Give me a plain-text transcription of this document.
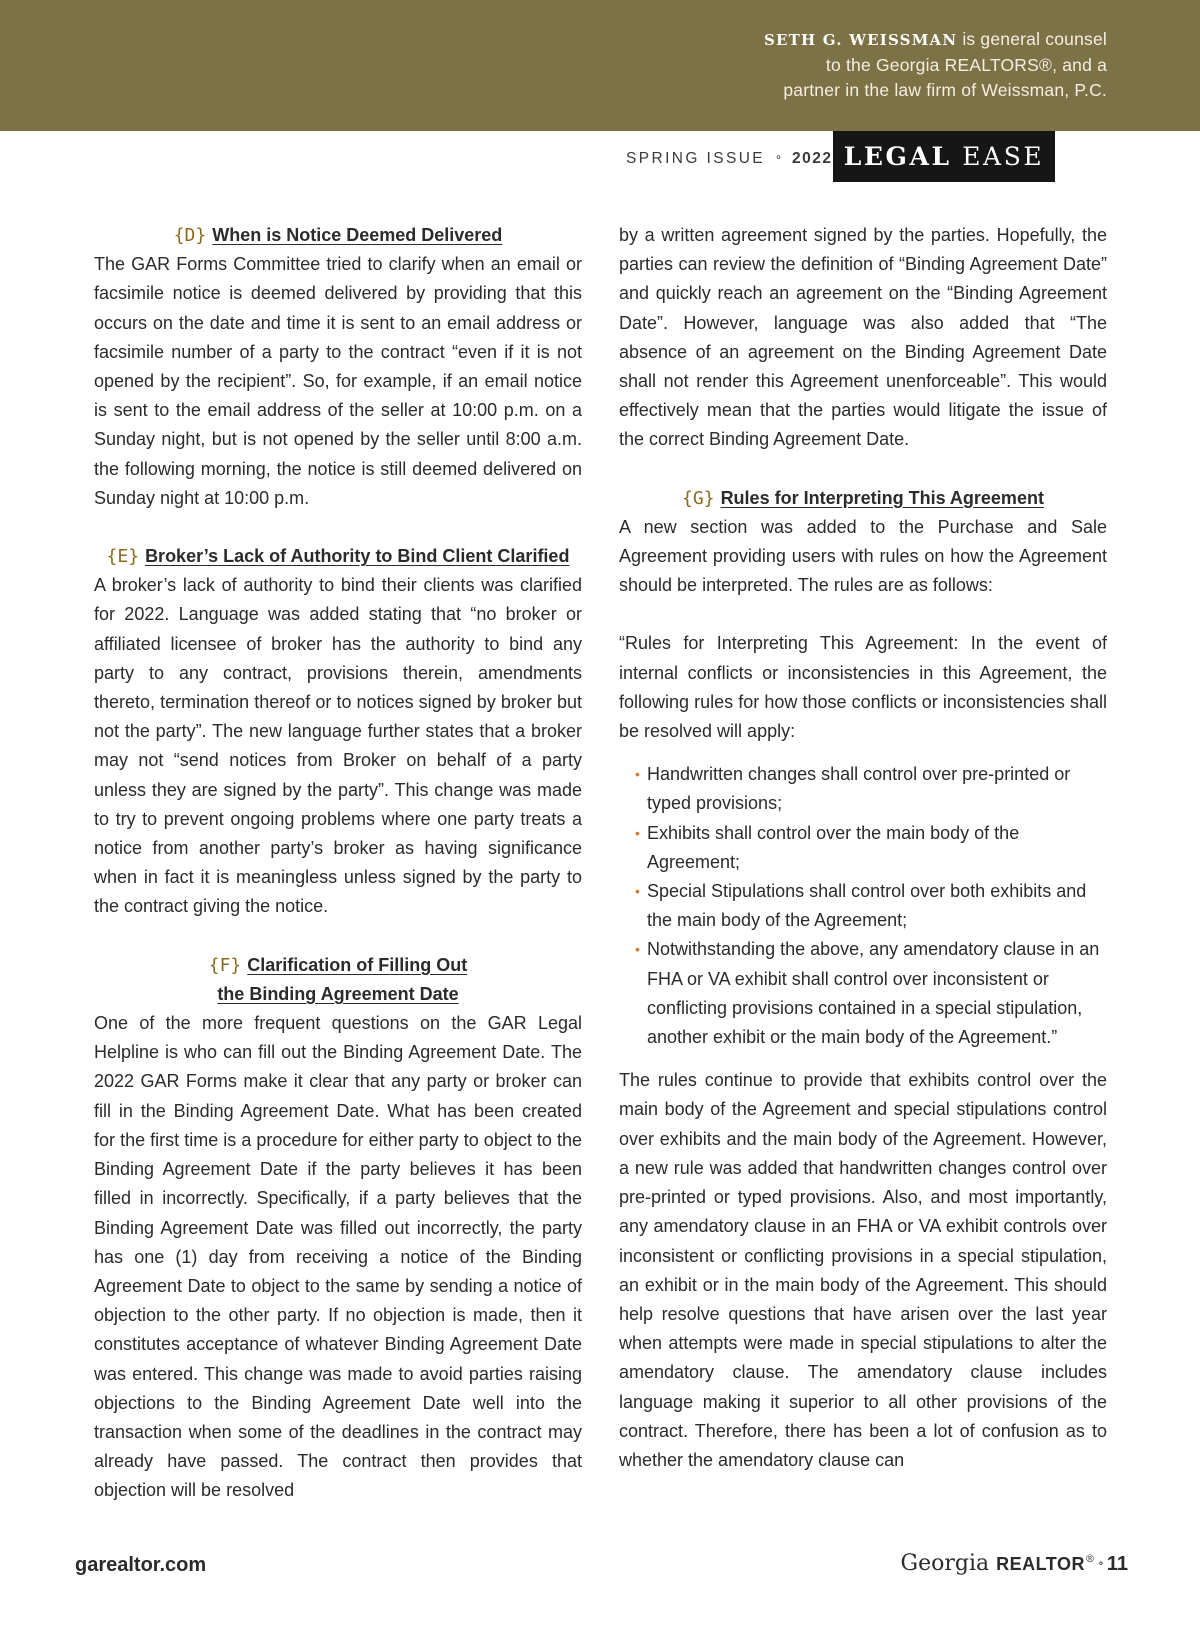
SETH G. WEISSMAN is general counsel
to the Georgia REALTORS®, and a
partner in the law firm of Weissman, P.C.
SPRING ISSUE ∘ 2022 LEGAL EASE
{D} When is Notice Deemed Delivered

The GAR Forms Committee tried to clarify when an email or facsimile notice is deemed delivered by providing that this occurs on the date and time it is sent to an email address or facsimile number of a party to the contract “even if it is not opened by the recipient”. So, for example, if an email notice is sent to the email address of the seller at 10:00 p.m. on a Sunday night, but is not opened by the seller until 8:00 a.m. the following morning, the notice is still deemed delivered on Sunday night at 10:00 p.m.

{E} Broker’s Lack of Authority to Bind Client Clarified

A broker’s lack of authority to bind their clients was clarified for 2022. Language was added stating that “no broker or affiliated licensee of broker has the authority to bind any party to any contract, provisions therein, amendments thereto, termination thereof or to notices signed by broker but not the party”. The new language further states that a broker may not “send notices from Broker on behalf of a party unless they are signed by the party”. This change was made to try to prevent ongoing problems where one party treats a notice from another party’s broker as having significance when in fact it is meaningless unless signed by the party to the contract giving the notice.

{F} Clarification of Filling Out
the Binding Agreement Date

One of the more frequent questions on the GAR Legal Helpline is who can fill out the Binding Agreement Date. The 2022 GAR Forms make it clear that any party or broker can fill in the Binding Agreement Date. What has been created for the first time is a procedure for either party to object to the Binding Agreement Date if the party believes it has been filled in incorrectly. Specifically, if a party believes that the Binding Agreement Date was filled out incorrectly, the party has one (1) day from receiving a notice of the Binding Agreement Date to object to the same by sending a notice of objection to the other party. If no objection is made, then it constitutes acceptance of whatever Binding Agreement Date was entered. This change was made to avoid parties raising objections to the Binding Agreement Date well into the transaction when some of the deadlines in the contract may already have passed. The contract then provides that objection will be resolved

by a written agreement signed by the parties. Hopefully, the parties can review the definition of “Binding Agreement Date” and quickly reach an agreement on the “Binding Agreement Date”. However, language was also added that “The absence of an agreement on the Binding Agreement Date shall not render this Agreement unenforceable”. This would effectively mean that the parties would litigate the issue of the correct Binding Agreement Date.

{G} Rules for Interpreting This Agreement

A new section was added to the Purchase and Sale Agreement providing users with rules on how the Agreement should be interpreted. The rules are as follows:

“Rules for Interpreting This Agreement: In the event of internal conflicts or inconsistencies in this Agreement, the following rules for how those conflicts or inconsistencies shall be resolved will apply:

• Handwritten changes shall control over pre-printed or typed provisions;
• Exhibits shall control over the main body of the Agreement;
• Special Stipulations shall control over both exhibits and the main body of the Agreement;
• Notwithstanding the above, any amendatory clause in an FHA or VA exhibit shall control over inconsistent or conflicting provisions contained in a special stipulation, another exhibit or the main body of the Agreement.”

The rules continue to provide that exhibits control over the main body of the Agreement and special stipulations control over exhibits and the main body of the Agreement. However, a new rule was added that handwritten changes control over pre-printed or typed provisions. Also, and most importantly, any amendatory clause in an FHA or VA exhibit controls over inconsistent or conflicting provisions in a special stipulation, an exhibit or in the main body of the Agreement. This should help resolve questions that have arisen over the last year when attempts were made in special stipulations to alter the amendatory clause. The amendatory clause includes language making it superior to all other provisions of the contract. Therefore, there has been a lot of confusion as to whether the amendatory clause can

garealtor.com	Georgia REALTOR® ∘ 11
